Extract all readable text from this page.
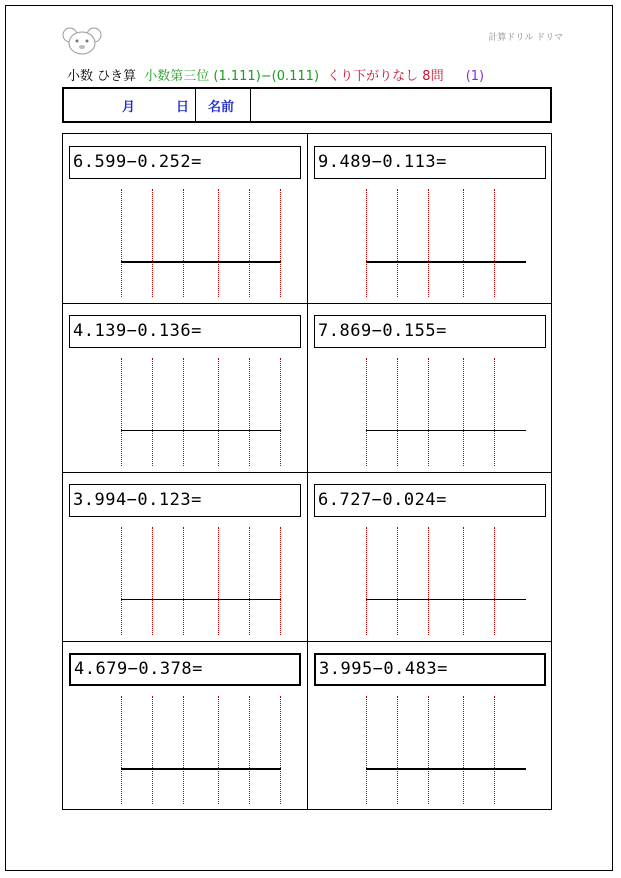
計算ドリル ドリマ
小数 ひき算 小数第三位 (1.111)−(0.111) くり下がりなし 8問 (1)
月	日 名前
6.599−0.252=	9.489−0.113=
4.139−0.136=	7.869−0.155=
3.994−0.123=	6.727−0.024=
4.679−0.378=	3.995−0.483=
